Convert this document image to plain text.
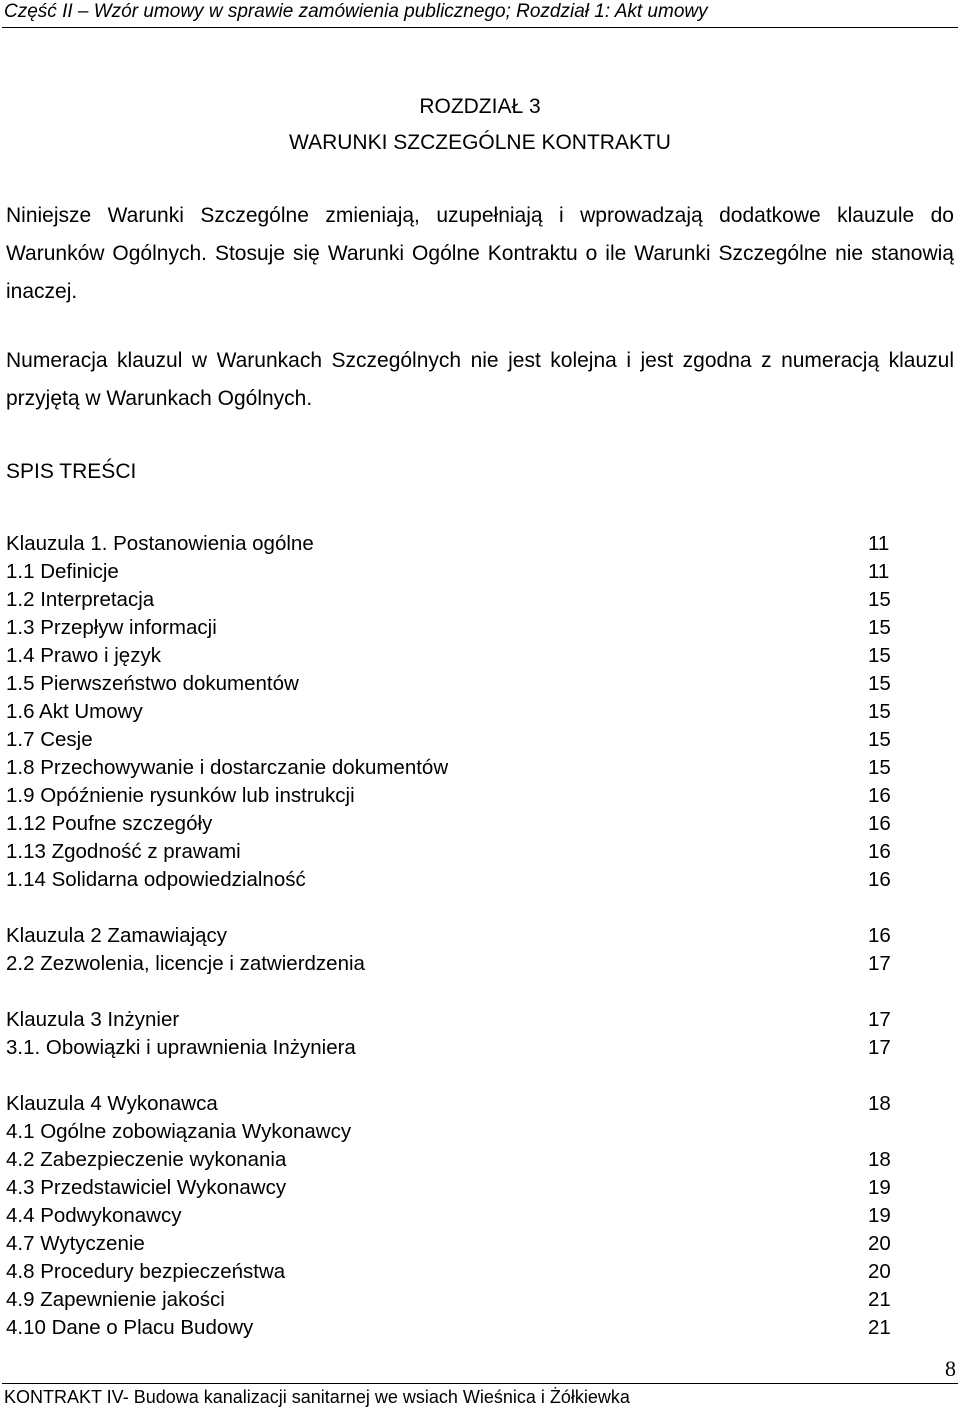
Część II – Wzór umowy w sprawie zamówienia publicznego; Rozdział 1: Akt umowy
ROZDZIAŁ 3
WARUNKI SZCZEGÓLNE KONTRAKTU
Niniejsze Warunki Szczególne zmieniają, uzupełniają i wprowadzają dodatkowe klauzule do Warunków Ogólnych. Stosuje się Warunki Ogólne Kontraktu o ile Warunki Szczególne nie stanowią inaczej.
Numeracja klauzul w Warunkach Szczególnych nie jest kolejna i jest zgodna z numeracją klauzul przyjętą w Warunkach Ogólnych.
SPIS TREŚCI
Klauzula 1. Postanowienia ogólne	11
1.1 Definicje	11
1.2 Interpretacja	15
1.3 Przepływ informacji	15
1.4 Prawo i język	15
1.5 Pierwszeństwo dokumentów	15
1.6 Akt Umowy	15
1.7 Cesje	15
1.8 Przechowywanie i dostarczanie dokumentów	15
1.9 Opóźnienie rysunków lub instrukcji	16
1.12 Poufne szczegóły	16
1.13 Zgodność z prawami	16
1.14 Solidarna odpowiedzialność	16
Klauzula 2 Zamawiający	16
2.2 Zezwolenia, licencje i zatwierdzenia	17
Klauzula 3 Inżynier	17
3.1. Obowiązki i uprawnienia Inżyniera	17
Klauzula 4 Wykonawca	18
4.1 Ogólne zobowiązania Wykonawcy
4.2 Zabezpieczenie wykonania	18
4.3 Przedstawiciel Wykonawcy	19
4.4 Podwykonawcy	19
4.7 Wytyczenie	20
4.8 Procedury bezpieczeństwa	20
4.9 Zapewnienie jakości	21
4.10 Dane o Placu Budowy	21
8
KONTRAKT IV- Budowa kanalizacji sanitarnej we wsiach Wieśnica i Żółkiewka
